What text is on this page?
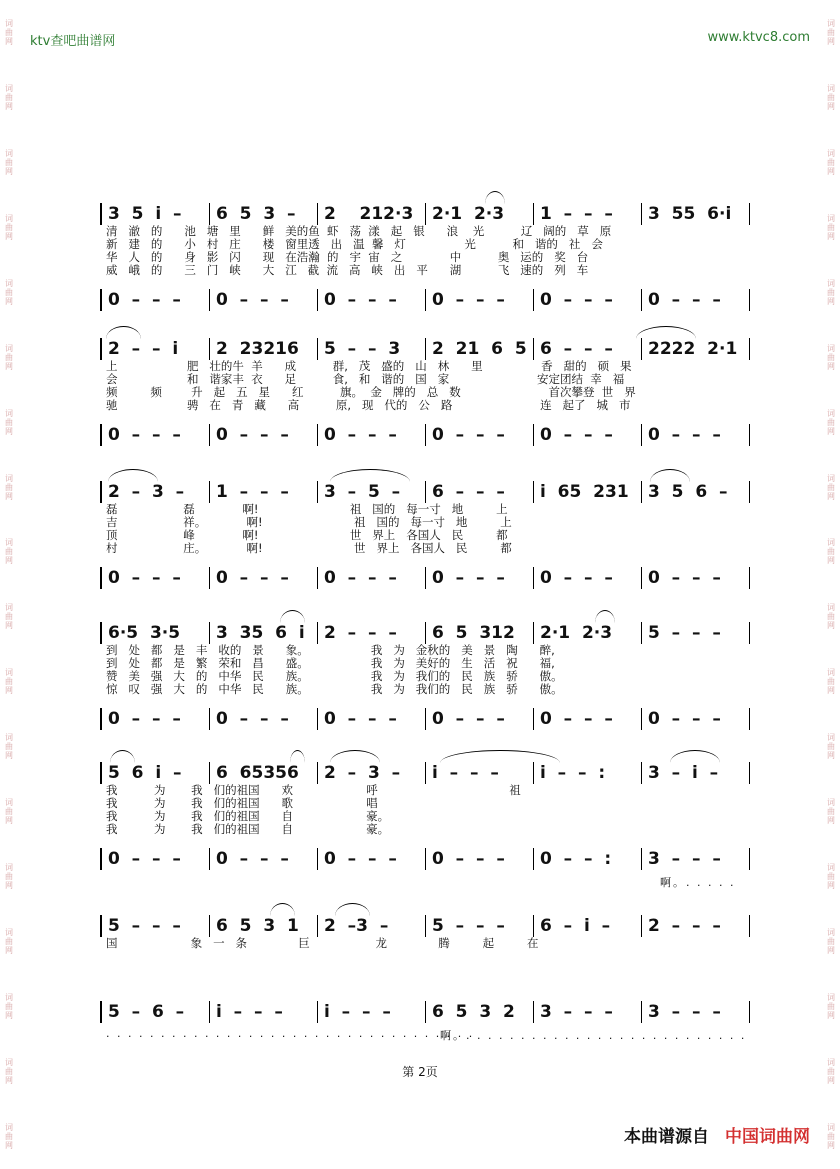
ktv查吧曲谱网	www.ktvc8.com
词曲网
词曲网
词曲网
词曲网
词曲网
词曲网
词曲网
词曲网
词曲网
词曲网
词曲网
词曲网
词曲网
词曲网
词曲网
词曲网
词曲网
词曲网
词曲网
词曲网
词曲网
词曲网
词曲网
词曲网
词曲网
词曲网
词曲网
词曲网
词曲网
词曲网
词曲网
词曲网
词曲网
词曲网
词曲网
词曲网
3  5  i  –	6  5  3  –	2    212·3	2·1  2·3	1  –  –  –	3  55  6·i
清   澈   的      池   塘   里      鲜   美的鱼  虾   荡  漾   起   银      浪    光          辽   阔的   草   原
新   建   的      小   村   庄      楼   窗里透   出   温  馨   灯                光          和   谐的   社   会
华   人   的      身   影   闪      现   在浩瀚  的   宇  宙   之             中          奥   运的   奖   台
威   峨   的      三   门   峡      大   江   截  流   高   峡   出   平      湖          飞   速的   列   车
0  –  –  –	0  –  –  –	0  –  –  –	0  –  –  –	0  –  –  –	0  –  –  –
2  –  –  i	2  23216	5  –  –  3	2  21  6  5 6  –  –  –	2222  2·1
上                   肥   壮的牛  羊      成          群,   茂   盛的   山   林      里                香   甜的   硕   果
会                   和   谐家丰  衣      足          食,   和   谐的   国   家                        安定团结  幸   福
频         频        升   起   五   星      红          旗。  金   牌的   总   数                        首次攀登  世   界
驰                   骋   在   青   藏      高          原,   现   代的   公   路                        连   起了   城   市
0  –  –  –	0  –  –  –	0  –  –  –	0  –  –  –	0  –  –  –	0  –  –  –
2  –  3  –	1  –  –  –	3  –  5  –	6  –  –  –	i  65  231	3  5  6  –
磊                  磊             啊!                         祖   国的   每一寸   地         上
吉                  祥。           啊!                         祖   国的   每一寸   地         上
顶                  峰             啊!                         世   界上   各国人   民         都
村                  庄。           啊!                         世   界上   各国人   民         都
0  –  –  –	0  –  –  –	0  –  –  –	0  –  –  –	0  –  –  –	0  –  –  –
6·5  3·5	3  35  6  i	2  –  –  –	6  5  312	2·1  2·3	5  –  –  –
到   处   都   是   丰   收的   景      象。                 我   为   金秋的   美   景   陶      醉,
到   处   都   是   繁   荣和   昌      盛。                 我   为   美好的   生   活   祝      福,
赞   美   强   大   的   中华   民      族。                 我   为   我们的   民   族   骄      傲。
惊   叹   强   大   的   中华   民      族。                 我   为   我们的   民   族   骄      傲。
0  –  –  –	0  –  –  –	0  –  –  –	0  –  –  –	0  –  –  –	0  –  –  –
5  6  i  –	6  65356	2  –  3  –	i  –  –  –	i  –  –  :	3  –  i  –
我          为       我   们的祖国      欢                    呼                                    祖
我          为       我   们的祖国      歌                    唱
我          为       我   们的祖国      自                    豪。
我          为       我   们的祖国      自                    豪。
0  –  –  –	0  –  –  –	0  –  –  –	0  –  –  –	0  –  –  :	3  –  –  –
啊。. . . . .
5  –  –  –	6  5  3  1	2  –3  –	5  –  –  –	6  –  i  –	2  –  –  –
国                    象   一   条              巨                  龙              腾         起         在
5  –  6  –	i  –  –  –	i  –  –  –	6  5  3  2	3  –  –  –	3  –  –  –
. . . . . . . . . . . . . . . . . . . . . . . . . . . . . . . . . .
啊。. . . . . . . . . . . . . . . . . . . . . . . . . .
第 2页
本曲谱源自 中国词曲网
